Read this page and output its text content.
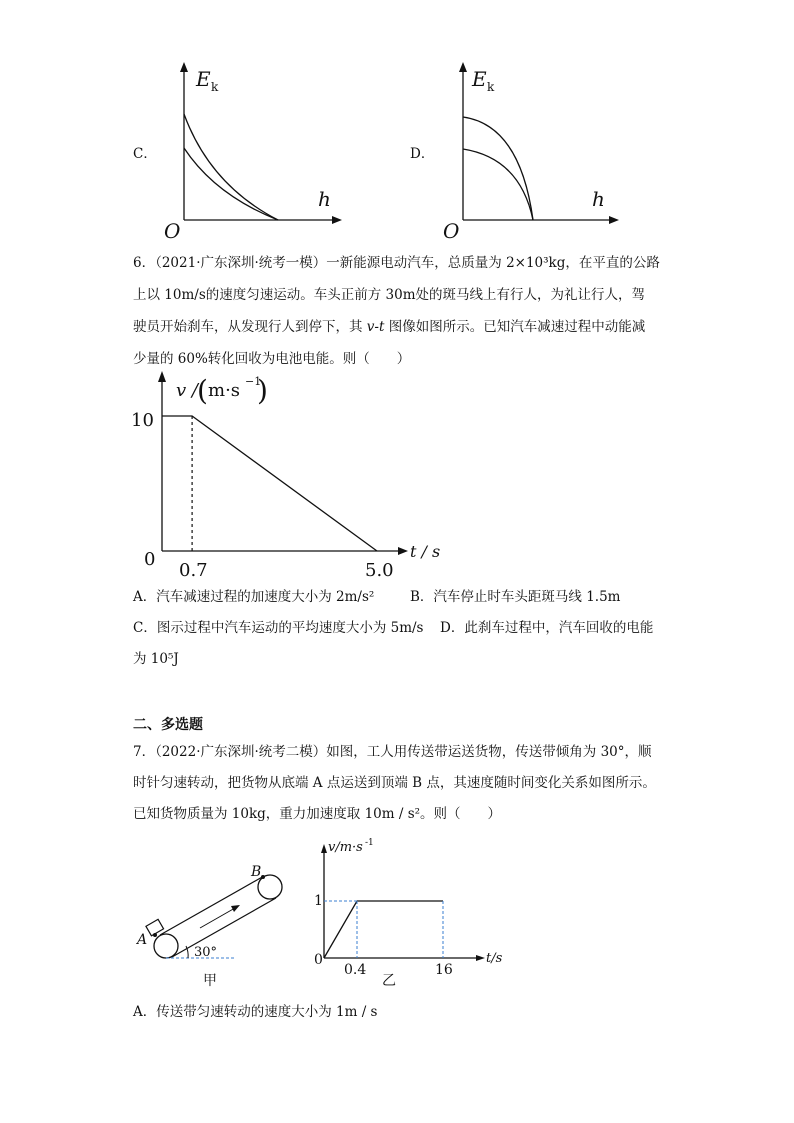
C．
E k
h
O
D．
E k
h
O
6．（2021·广东深圳·统考一模）一新能源电动汽车，总质量为 2×10³kg，在平直的公路
上以 10m/s的速度匀速运动。车头正前方 30m处的斑马线上有行人，为礼让行人，驾
驶员开始刹车，从发现行人到停下，其 v-t 图像如图所示。已知汽车减速过程中动能减
少量的 60%转化回收为电池电能。则（　　）
10
0
0.7	5.0
t / s
v / ( m·s −1
)
A．汽车减速过程的加速度大小为 2m/s²	B．汽车停止时车头距斑马线 1.5m
C．图示过程中汽车运动的平均速度大小为 5m/s D．此刹车过程中，汽车回收的电能
为 10⁵J
二、多选题
7．（2022·广东深圳·统考二模）如图，工人用传送带运送货物，传送带倾角为 30°，顺
时针匀速转动，把货物从底端 A 点运送到顶端 B 点，其速度随时间变化关系如图所示。
已知货物质量为 10kg，重力加速度取 10m / s²。则（　　）
A
B
30°
甲
v/m·s -1
1
0
0.4	16
t/s
乙
A．传送带匀速转动的速度大小为 1m / s
